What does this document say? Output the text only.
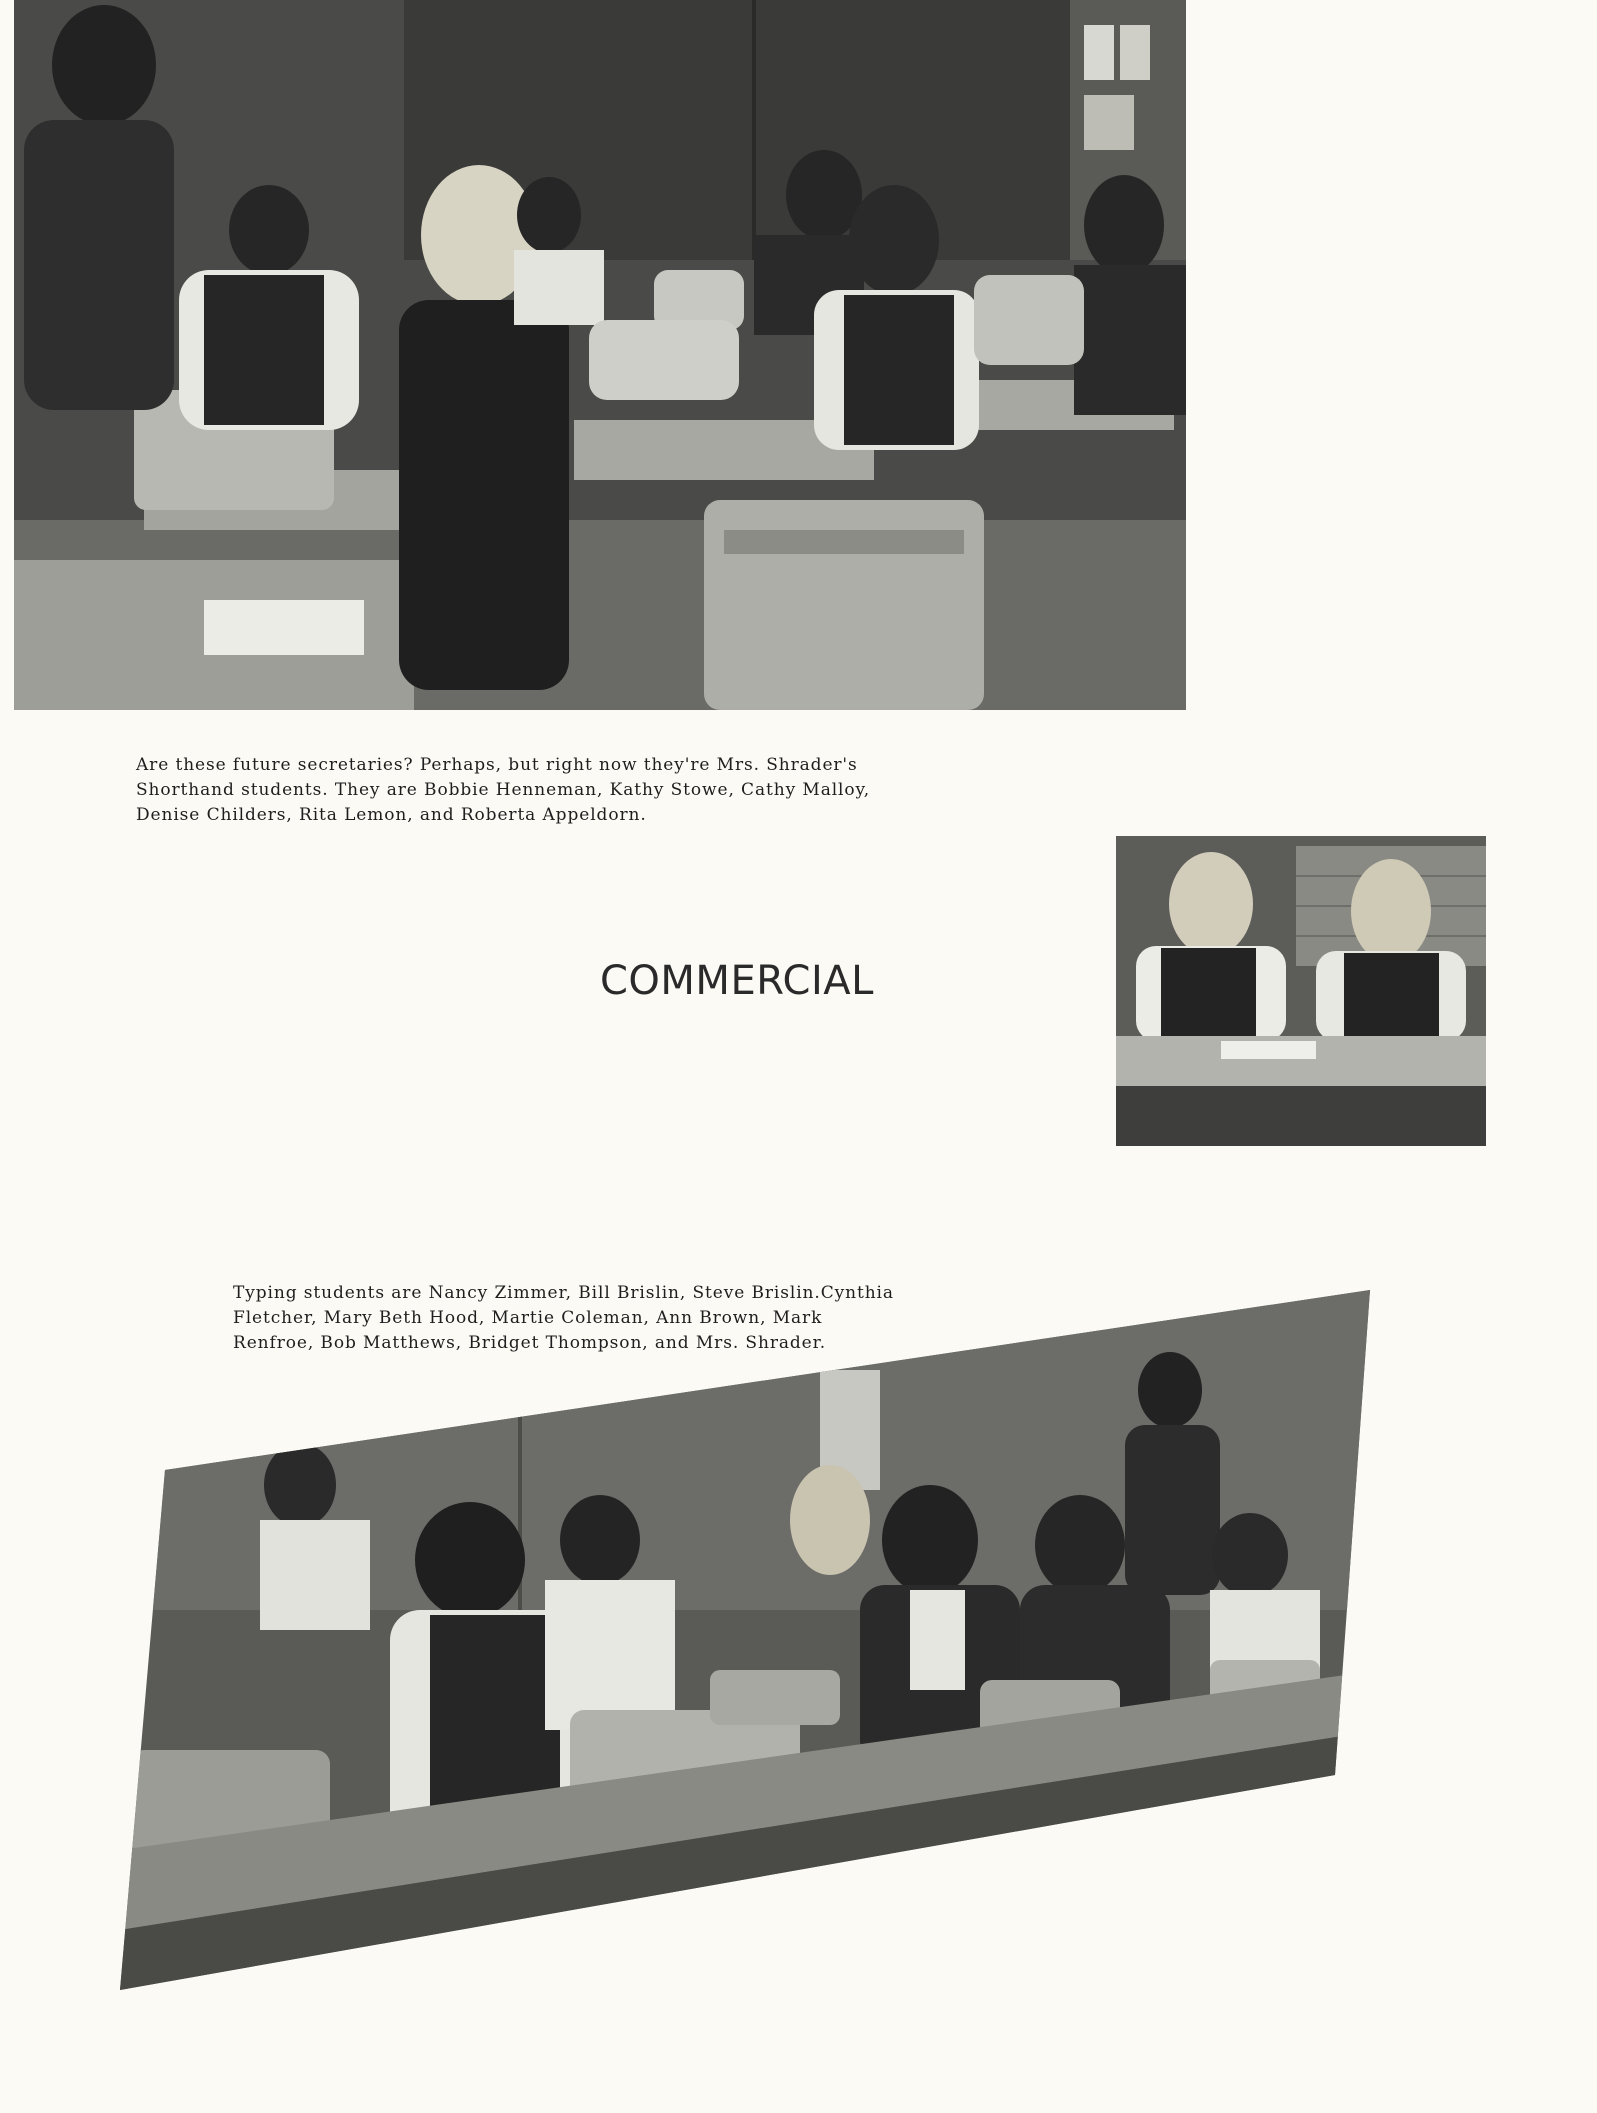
Are these future secretaries? Perhaps, but right now they're Mrs. Shrader's
Shorthand students. They are Bobbie Henneman, Kathy Stowe, Cathy Malloy,
Denise Childers, Rita Lemon, and Roberta Appeldorn.

COMMERCIAL

Typing students are Nancy Zimmer, Bill Brislin, Steve Brislin.Cynthia
Fletcher, Mary Beth Hood, Martie Coleman, Ann Brown, Mark
Renfroe, Bob Matthews, Bridget Thompson, and Mrs. Shrader.
